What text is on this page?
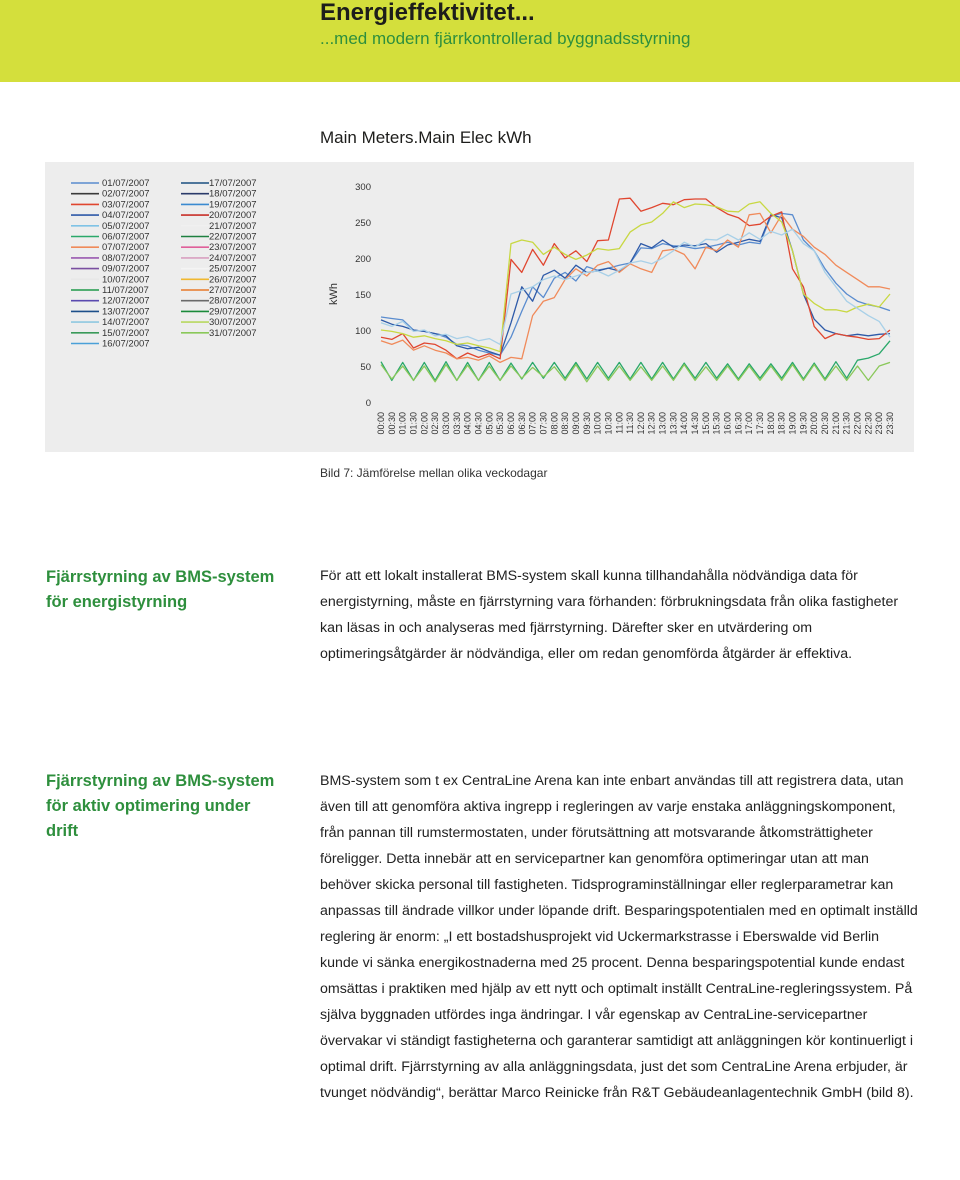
Energieffektivitet...
...med modern fjärrkontrollerad byggnadsstyrning
Main Meters.Main Elec kWh
01/07/2007
02/07/2007
03/07/2007
04/07/2007
05/07/2007
06/07/2007
07/07/2007
08/07/2007
09/07/2007
10/07/2007
11/07/2007
12/07/2007
13/07/2007
14/07/2007
15/07/2007
16/07/2007
17/07/2007
18/07/2007
19/07/2007
20/07/2007
21/07/2007
22/07/2007
23/07/2007
24/07/2007
25/07/2007
26/07/2007
27/07/2007
28/07/2007
29/07/2007
30/07/2007
31/07/2007
kWh
0
50
100
150
200
250
300
00:00 00:30 01:00 01:30 02:00 02:30 03:00 03:30 04:00 04:30 05:00 05:30 06:00 06:30 07:00 07:30 08:00 08:30 09:00 09:30 10:00 10:30 11:00 11:30 12:00 12:30 13:00 13:30 14:00 14:30 15:00 15:30 16:00 16:30 17:00 17:30 18:00 18:30 19:00 19:30 20:00 20:30 21:00 21:30 22:00 22:30 23:00 23:30
Bild 7: Jämförelse mellan olika veckodagar
Fjärrstyrning av BMS-system för energistyrning
För att ett lokalt installerat BMS-system skall kunna tillhandahålla nödvändiga data för energistyrning, måste en fjärrstyrning vara förhanden: förbrukningsdata från olika fastigheter kan läsas in och analyseras med fjärrstyrning. Därefter sker en utvärdering om optimeringsåtgärder är nödvändiga, eller om redan genomförda åtgärder är effektiva.
Fjärrstyrning av BMS-system för aktiv optimering under drift
BMS-system som t ex CentraLine Arena kan inte enbart användas till att registrera data, utan även till att genomföra aktiva ingrepp i regleringen av varje enstaka anläggningskomponent, från pannan till rumstermostaten, under förutsättning att motsvarande åtkomsträttigheter föreligger. Detta innebär att en servicepartner kan genomföra optimeringar utan att man behöver skicka personal till fastigheten. Tidsprograminställningar eller reglerparametrar kan anpassas till ändrade villkor under löpande drift. Besparingspotentialen med en optimalt inställd reglering är enorm: „I ett bostadshusprojekt vid Uckermarkstrasse i Eberswalde vid Berlin kunde vi sänka energikostnaderna med 25 procent. Denna besparingspotential kunde endast omsättas i praktiken med hjälp av ett nytt och optimalt inställt CentraLine-regleringssystem. På själva byggnaden utfördes inga ändringar. I vår egenskap av CentraLine-servicepartner övervakar vi ständigt fastigheterna och garanterar samtidigt att anläggningen kör kontinuerligt i optimal drift. Fjärrstyrning av alla anläggningsdata, just det som CentraLine Arena erbjuder, är tvunget nödvändig“, berättar Marco Reinicke från R&T Gebäudeanlagentechnik GmbH (bild 8).
